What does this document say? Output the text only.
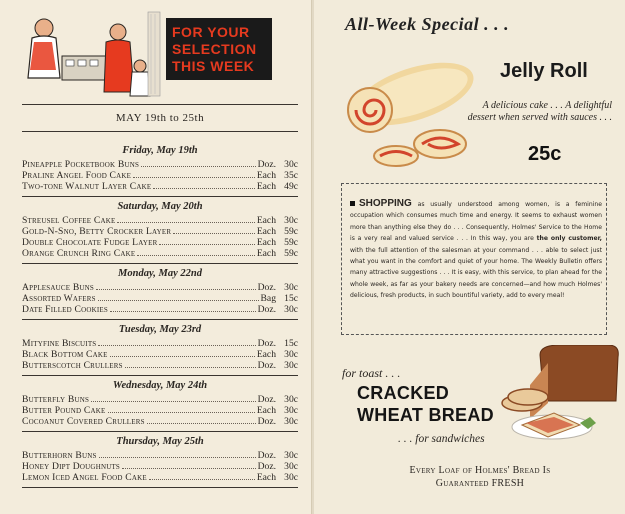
FOR YOUR
SELECTION
THIS WEEK
MAY 19th to 25th
Friday, May 19th
Pineapple Pocketbook Buns	Doz. 30c
Praline Angel Food Cake	Each 35c
Two-tone Walnut Layer Cake	Each 49c
Saturday, May 20th
Streusel Coffee Cake	Each 30c
Gold-N-Sno, Betty Crocker Layer	Each 59c
Double Chocolate Fudge Layer	Each 59c
Orange Crunch Ring Cake	Each 59c
Monday, May 22nd
Applesauce Buns	Doz. 30c
Assorted Wafers	Bag 15c
Date Filled Cookies	Doz. 30c
Tuesday, May 23rd
Mityfine Biscuits	Doz. 15c
Black Bottom Cake	Each 30c
Butterscotch Crullers	Doz. 30c
Wednesday, May 24th
Butterfly Buns	Doz. 30c
Butter Pound Cake	Each 30c
Cocoanut Covered Crullers	Doz. 30c
Thursday, May 25th
Butterhorn Buns	Doz. 30c
Honey Dipt Doughnuts	Doz. 30c
Lemon Iced Angel Food Cake	Each 30c
All-Week Special . . .
Jelly Roll
A delicious cake . . . A delightful dessert when served with sauces . . .
25c
SHOPPING as usually understood among women, is a feminine occupation which consumes much time and energy. It seems to exhaust women more than anything else they do . . . Consequently, Holmes' Service to the Home is a very real and valued service . . . In this way, you are the only customer, with the full attention of the salesman at your command . . . able to select just what you want in the comfort and quiet of your home. The Weekly Bulletin offers many attractive suggestions . . . It is easy, with this service, to plan ahead for the whole week, as far as your bakery needs are concerned—and how much Holmes' delicious, fresh products, in such bountiful variety, add to every meal!
for toast . . .
CRACKED
WHEAT BREAD
. . . for sandwiches
Every Loaf of Holmes' Bread Is
Guaranteed FRESH
